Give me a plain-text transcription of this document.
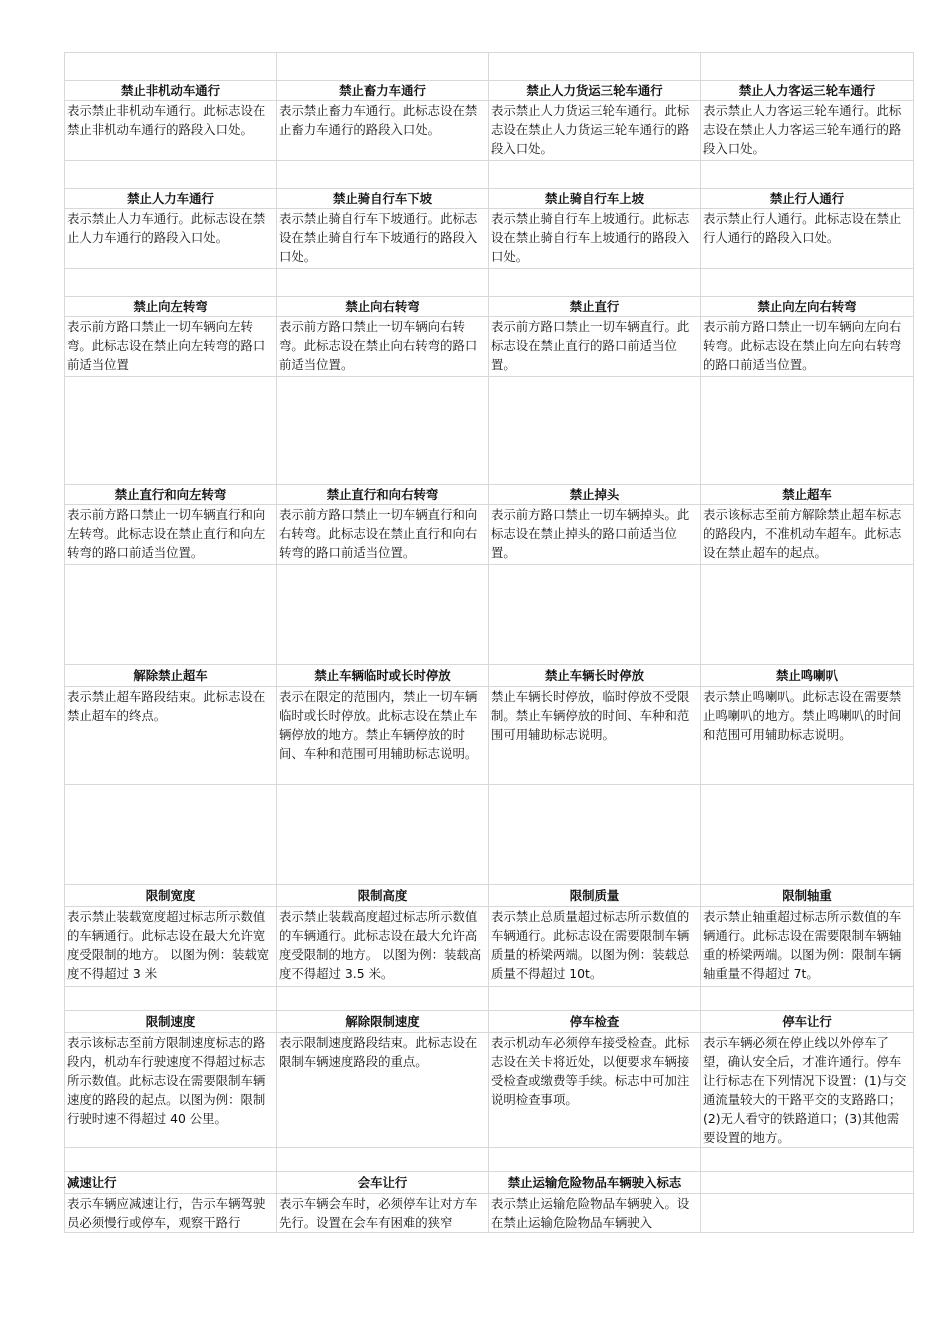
禁止非机动车通行	禁止畜力车通行	禁止人力货运三轮车通行	禁止人力客运三轮车通行

表示禁止非机动车通行。此标志设在禁止非机动车通行的路段入口处。	表示禁止畜力车通行。此标志设在禁止畜力车通行的路段入口处。	表示禁止人力货运三轮车通行。此标志设在禁止人力货运三轮车通行的路段入口处。	表示禁止人力客运三轮车通行。此标志设在禁止人力客运三轮车通行的路段入口处。

禁止人力车通行	禁止骑自行车下坡	禁止骑自行车上坡	禁止行人通行

表示禁止人力车通行。此标志设在禁止人力车通行的路段入口处。	表示禁止骑自行车下坡通行。此标志设在禁止骑自行车下坡通行的路段入口处。	表示禁止骑自行车上坡通行。此标志设在禁止骑自行车上坡通行的路段入口处。	表示禁止行人通行。此标志设在禁止行人通行的路段入口处。

禁止向左转弯	禁止向右转弯	禁止直行	禁止向左向右转弯

表示前方路口禁止一切车辆向左转弯。此标志设在禁止向左转弯的路口前适当位置	表示前方路口禁止一切车辆向右转弯。此标志设在禁止向右转弯的路口前适当位置。	表示前方路口禁止一切车辆直行。此标志设在禁止直行的路口前适当位置。	表示前方路口禁止一切车辆向左向右转弯。此标志设在禁止向左向右转弯的路口前适当位置。

禁止直行和向左转弯	禁止直行和向右转弯	禁止掉头	禁止超车

表示前方路口禁止一切车辆直行和向左转弯。此标志设在禁止直行和向左转弯的路口前适当位置。	表示前方路口禁止一切车辆直行和向右转弯。此标志设在禁止直行和向右转弯的路口前适当位置。	表示前方路口禁止一切车辆掉头。此标志设在禁止掉头的路口前适当位置。	表示该标志至前方解除禁止超车标志的路段内，不准机动车超车。此标志设在禁止超车的起点。

解除禁止超车	禁止车辆临时或长时停放	禁止车辆长时停放	禁止鸣喇叭

表示禁止超车路段结束。此标志设在禁止超车的终点。	表示在限定的范围内，禁止一切车辆临时或长时停放。此标志设在禁止车辆停放的地方。禁止车辆停放的时间、车种和范围可用辅助标志说明。	禁止车辆长时停放，临时停放不受限制。禁止车辆停放的时间、车种和范围可用辅助标志说明。	表示禁止鸣喇叭。此标志设在需要禁止鸣喇叭的地方。禁止鸣喇叭的时间和范围可用辅助标志说明。

限制宽度	限制高度	限制质量	限制轴重

表示禁止装载宽度超过标志所示数值的车辆通行。此标志设在最大允许宽度受限制的地方。 以图为例：装载宽度不得超过 3 米	表示禁止装载高度超过标志所示数值的车辆通行。此标志设在最大允许高度受限制的地方。 以图为例：装载高度不得超过 3.5 米。	表示禁止总质量超过标志所示数值的车辆通行。此标志设在需要限制车辆质量的桥梁两端。以图为例：装载总质量不得超过 10t。	表示禁止轴重超过标志所示数值的车辆通行。此标志设在需要限制车辆轴重的桥梁两端。以图为例：限制车辆轴重量不得超过 7t。

限制速度	解除限制速度	停车检查	停车让行

表示该标志至前方限制速度标志的路段内，机动车行驶速度不得超过标志所示数值。此标志设在需要限制车辆速度的路段的起点。以图为例：限制行驶时速不得超过 40 公里。	表示限制速度路段结束。此标志设在限制车辆速度路段的重点。	表示机动车必须停车接受检查。此标志设在关卡将近处，以便要求车辆接受检查或缴费等手续。标志中可加注说明检查事项。	表示车辆必须在停止线以外停车了望，确认安全后，才准许通行。停车让行标志在下列情况下设置：(1)与交通流量较大的干路平交的支路路口；(2)无人看守的铁路道口；(3)其他需要设置的地方。

减速让行	会车让行	禁止运输危险物品车辆驶入标志	

表示车辆应减速让行，告示车辆驾驶员必须慢行或停车，观察干路行	表示车辆会车时，必须停车让对方车先行。设置在会车有困难的狭窄	表示禁止运输危险物品车辆驶入。设在禁止运输危险物品车辆驶入	
